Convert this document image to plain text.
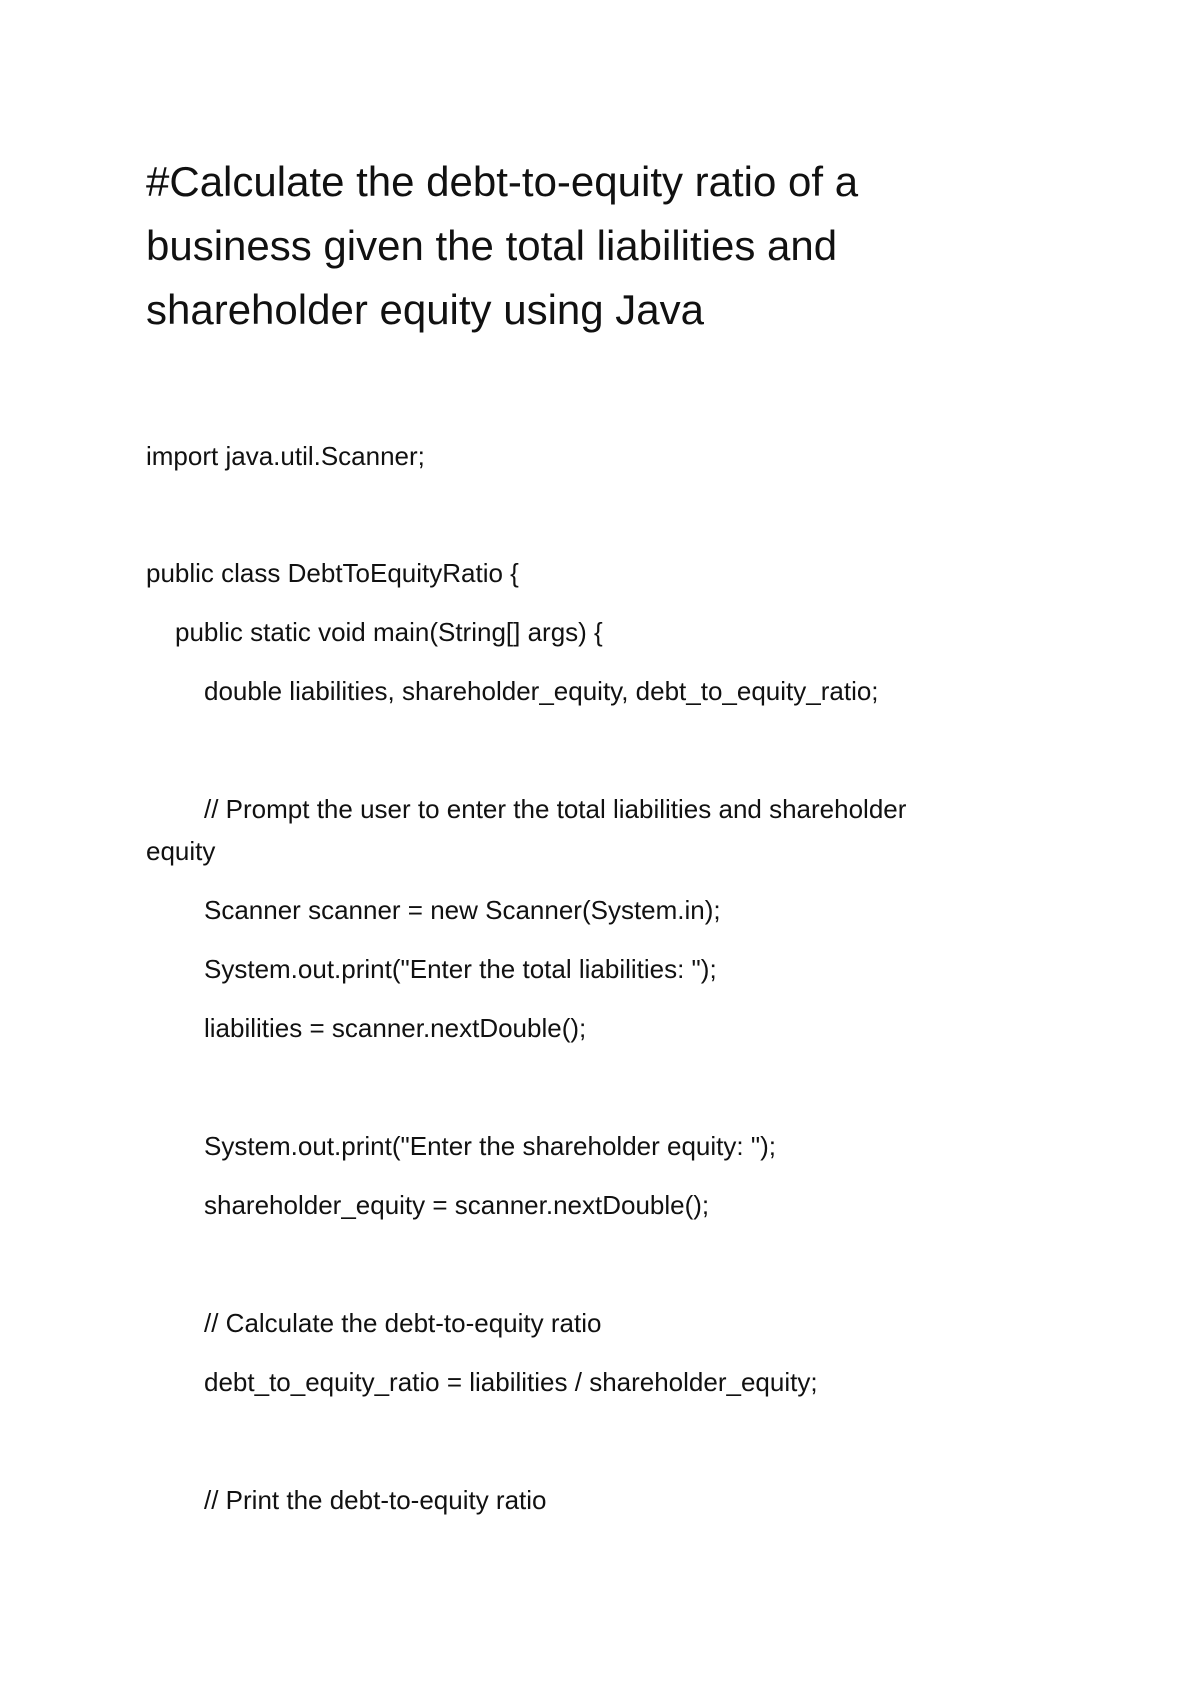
#Calculate the debt-to-equity ratio of a
business given the total liabilities and
shareholder equity using Java

import java.util.Scanner;

public class DebtToEquityRatio {

public static void main(String[] args) {

double liabilities, shareholder_equity, debt_to_equity_ratio;

// Prompt the user to enter the total liabilities and shareholder

equity

Scanner scanner = new Scanner(System.in);

System.out.print("Enter the total liabilities: ");

liabilities = scanner.nextDouble();

System.out.print("Enter the shareholder equity: ");

shareholder_equity = scanner.nextDouble();

// Calculate the debt-to-equity ratio

debt_to_equity_ratio = liabilities / shareholder_equity;

// Print the debt-to-equity ratio
